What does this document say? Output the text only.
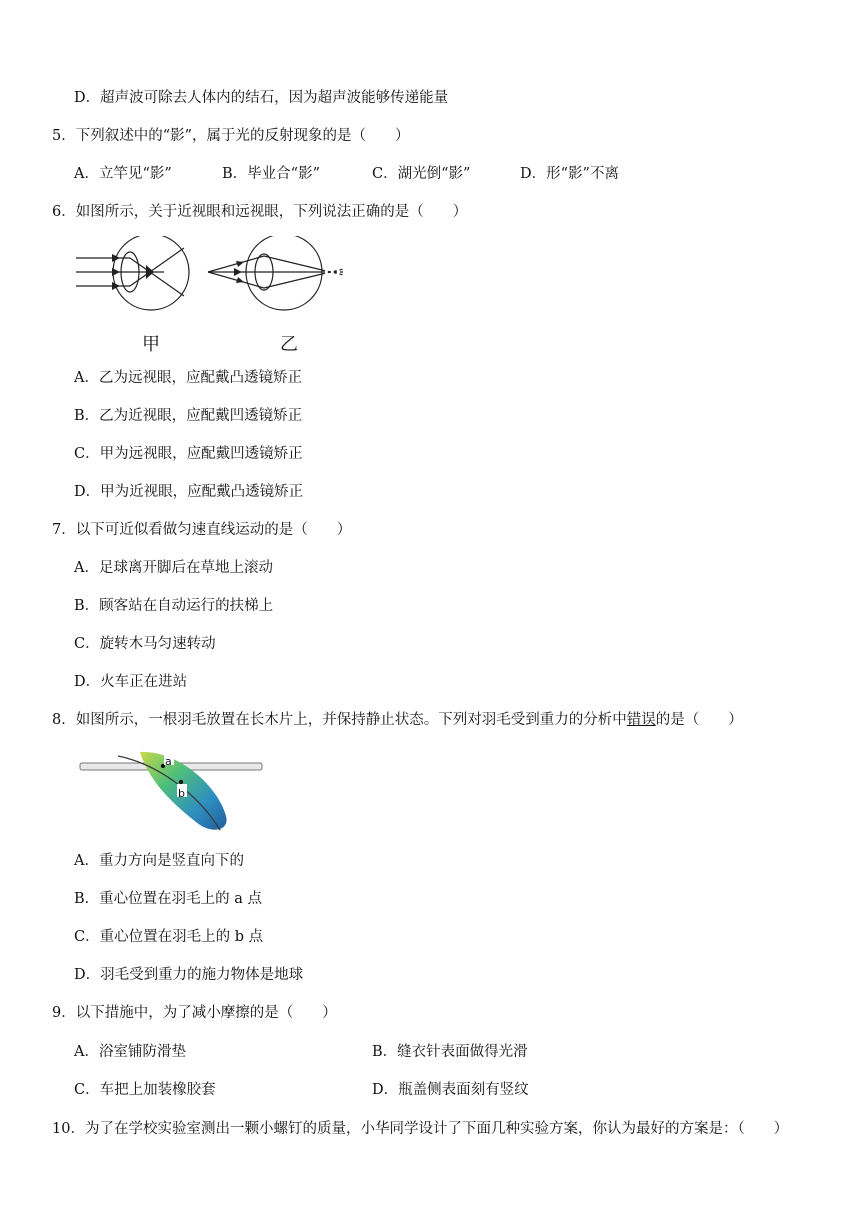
D．超声波可除去人体内的结石，因为超声波能够传递能量
5．下列叙述中的“影”，属于光的反射现象的是（　　）
A．立竿见“影”	B．毕业合“影”	C．湖光倒“影”	D．形“影”不离
6．如图所示，关于近视眼和远视眼，下列说法正确的是（　　）
甲	乙
A．乙为远视眼，应配戴凸透镜矫正
B．乙为近视眼，应配戴凹透镜矫正
C．甲为远视眼，应配戴凹透镜矫正
D．甲为近视眼，应配戴凸透镜矫正
7．以下可近似看做匀速直线运动的是（　　）
A．足球离开脚后在草地上滚动
B．顾客站在自动运行的扶梯上
C．旋转木马匀速转动
D．火车正在进站
8．如图所示，一根羽毛放置在长木片上，并保持静止状态。下列对羽毛受到重力的分析中错误的是（　　）
a
b
A．重力方向是竖直向下的
B．重心位置在羽毛上的 a 点
C．重心位置在羽毛上的 b 点
D．羽毛受到重力的施力物体是地球
9．以下措施中，为了减小摩擦的是（　　）
A．浴室铺防滑垫	B．缝衣针表面做得光滑
C．车把上加装橡胶套	D．瓶盖侧表面刻有竖纹
10．为了在学校实验室测出一颗小螺钉的质量，小华同学设计了下面几种实验方案，你认为最好的方案是：（　　）
